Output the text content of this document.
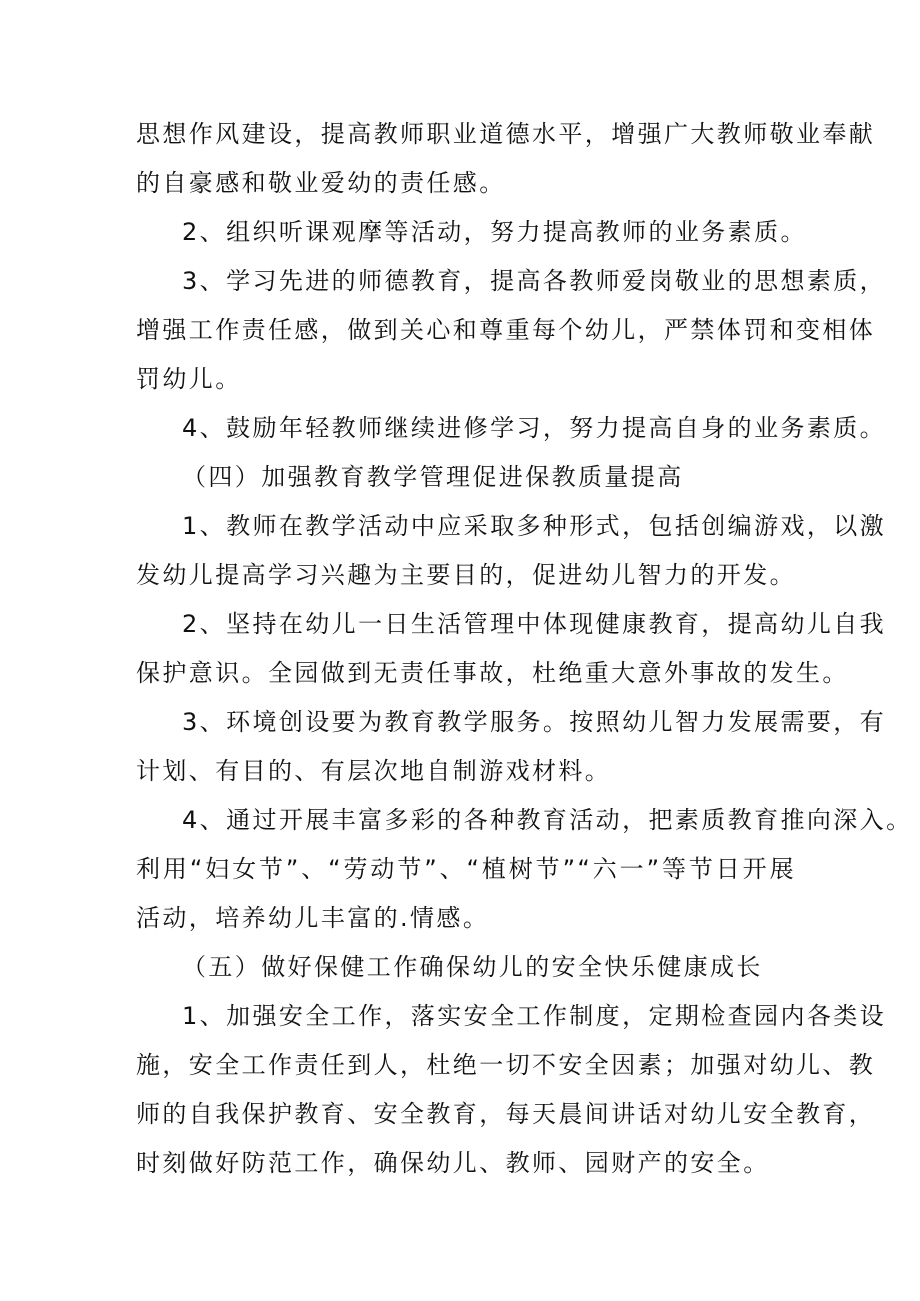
思想作风建设，提高教师职业道德水平，增强广大教师敬业奉献
的自豪感和敬业爱幼的责任感。
2、组织听课观摩等活动，努力提高教师的业务素质。
3、学习先进的师德教育，提高各教师爱岗敬业的思想素质，
增强工作责任感，做到关心和尊重每个幼儿，严禁体罚和变相体
罚幼儿。
4、鼓励年轻教师继续进修学习，努力提高自身的业务素质。
（四）加强教育教学管理促进保教质量提高
1、教师在教学活动中应采取多种形式，包括创编游戏，以激
发幼儿提高学习兴趣为主要目的，促进幼儿智力的开发。
2、坚持在幼儿一日生活管理中体现健康教育，提高幼儿自我
保护意识。全园做到无责任事故，杜绝重大意外事故的发生。
3、环境创设要为教育教学服务。按照幼儿智力发展需要，有
计划、有目的、有层次地自制游戏材料。
4、通过开展丰富多彩的各种教育活动，把素质教育推向深入。
利用“妇女节”、“劳动节”、“植树节”“六一”等节日开展
活动，培养幼儿丰富的.情感。
（五）做好保健工作确保幼儿的安全快乐健康成长
1、加强安全工作，落实安全工作制度，定期检查园内各类设
施，安全工作责任到人，杜绝一切不安全因素；加强对幼儿、教
师的自我保护教育、安全教育，每天晨间讲话对幼儿安全教育，
时刻做好防范工作，确保幼儿、教师、园财产的安全。
